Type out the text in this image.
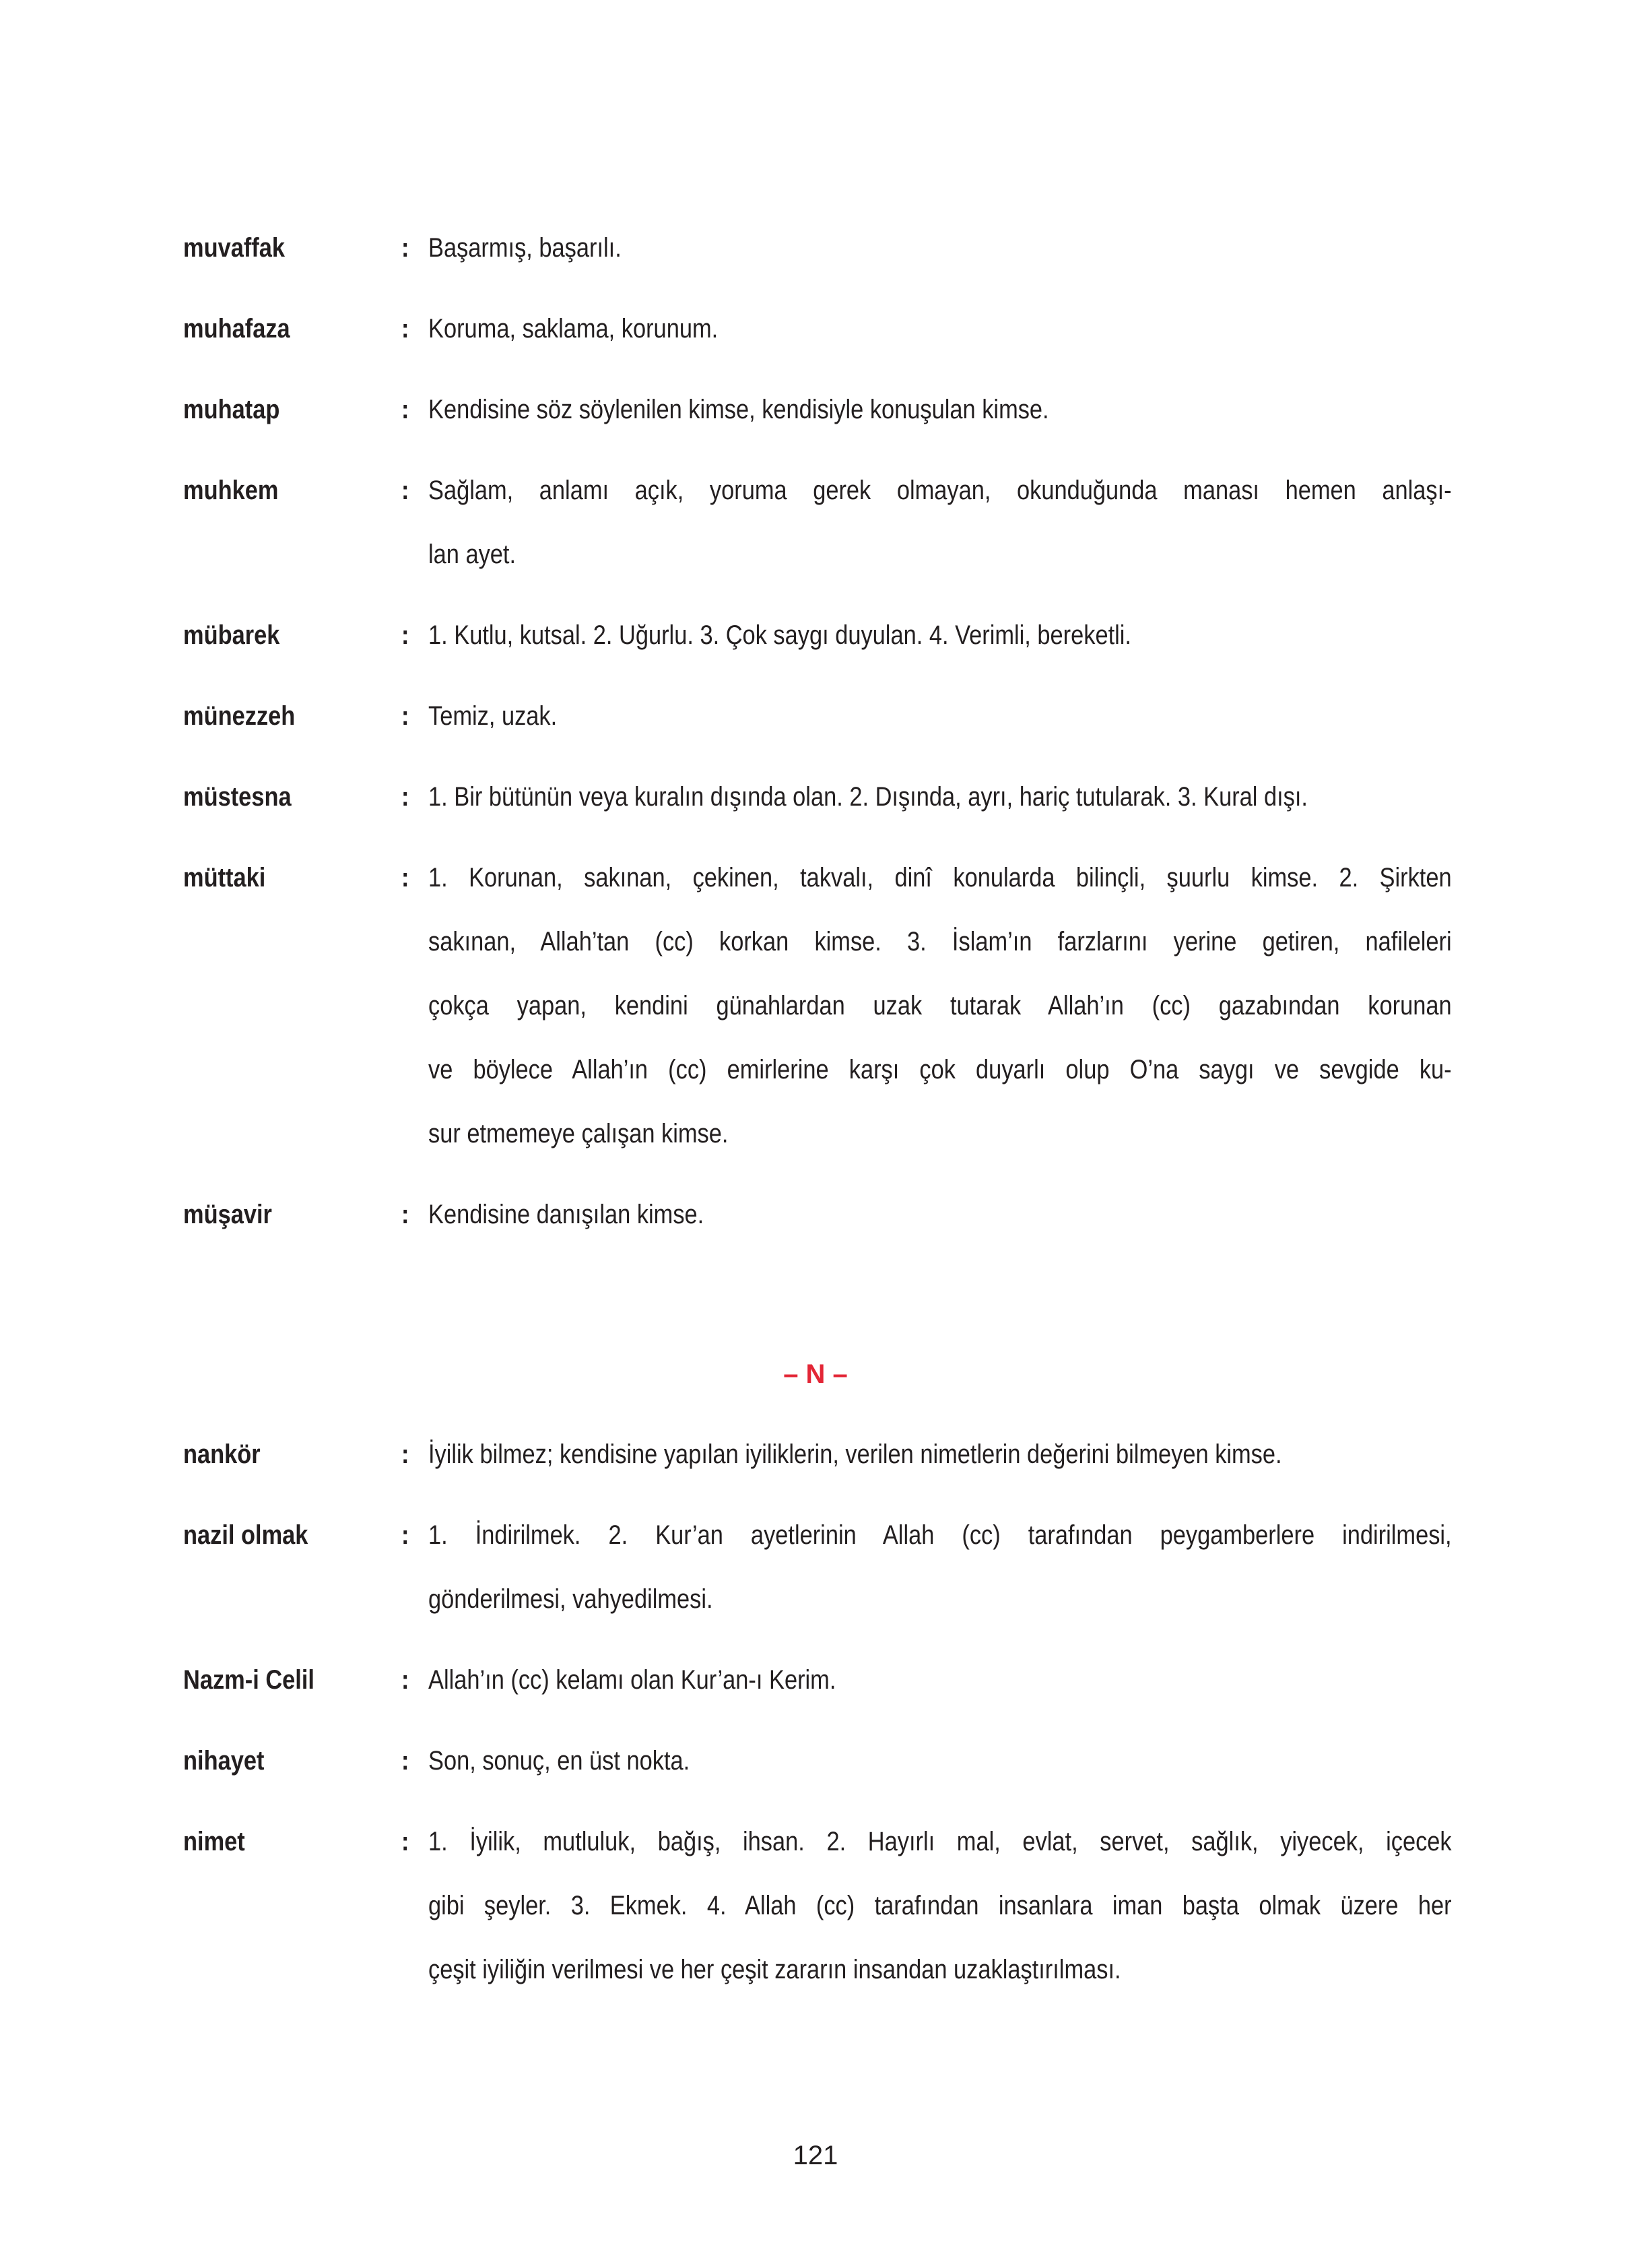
muvaffak	: Başarmış, başarılı.
muhafaza	: Koruma, saklama, korunum.
muhatap	: Kendisine söz söylenilen kimse, kendisiyle konuşulan kimse.
muhkem	: Sağlam, anlamı açık, yoruma gerek olmayan, okunduğunda manası hemen anlaşı-
lan ayet.
mübarek	: 1. Kutlu, kutsal. 2. Uğurlu. 3. Çok saygı duyulan. 4. Verimli, bereketli.
münezzeh	: Temiz, uzak.
müstesna	: 1. Bir bütünün veya kuralın dışında olan. 2. Dışında, ayrı, hariç tutularak. 3. Kural dışı.
müttaki	: 1. Korunan, sakınan, çekinen, takvalı, dinî konularda bilinçli, şuurlu kimse. 2. Şirkten
sakınan, Allah’tan (cc) korkan kimse. 3. İslam’ın farzlarını yerine getiren, nafileleri
çokça yapan, kendini günahlardan uzak tutarak Allah’ın (cc) gazabından korunan
ve böylece Allah’ın (cc) emirlerine karşı çok duyarlı olup O’na saygı ve sevgide ku-
sur etmemeye çalışan kimse.
müşavir	: Kendisine danışılan kimse.
– N –
nankör	: İyilik bilmez; kendisine yapılan iyiliklerin, verilen nimetlerin değerini bilmeyen kimse.
nazil olmak	: 1. İndirilmek. 2. Kur’an ayetlerinin Allah (cc) tarafından peygamberlere indirilmesi,
gönderilmesi, vahyedilmesi.
Nazm-i Celil	: Allah’ın (cc) kelamı olan Kur’an-ı Kerim.
nihayet	: Son, sonuç, en üst nokta.
nimet	: 1. İyilik, mutluluk, bağış, ihsan. 2. Hayırlı mal, evlat, servet, sağlık, yiyecek, içecek
gibi şeyler. 3. Ekmek. 4. Allah (cc) tarafından insanlara iman başta olmak üzere her
çeşit iyiliğin verilmesi ve her çeşit zararın insandan uzaklaştırılması.
121
